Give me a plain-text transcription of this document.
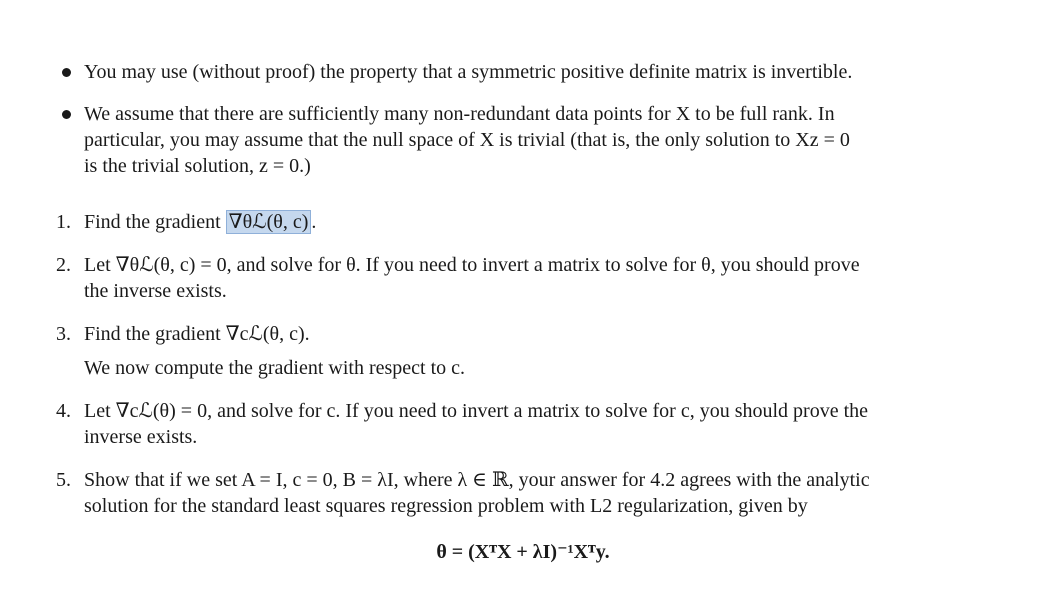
You may use (without proof) the property that a symmetric positive definite matrix is invertible.
We assume that there are sufficiently many non-redundant data points for X to be full rank. In
particular, you may assume that the null space of X is trivial (that is, the only solution to Xz = 0
is the trivial solution, z = 0.)
1. Find the gradient ∇θℒ(θ, c) .
2. Let ∇θℒ(θ, c) = 0, and solve for θ. If you need to invert a matrix to solve for θ, you should prove
the inverse exists.
3. Find the gradient ∇cℒ(θ, c).
We now compute the gradient with respect to c.
4. Let ∇cℒ(θ) = 0, and solve for c. If you need to invert a matrix to solve for c, you should prove the
inverse exists.
5. Show that if we set A = I, c = 0, B = λI, where λ ∈ ℝ, your answer for 4.2 agrees with the analytic
solution for the standard least squares regression problem with L2 regularization, given by
θ = (XᵀX + λI)⁻¹Xᵀy.
